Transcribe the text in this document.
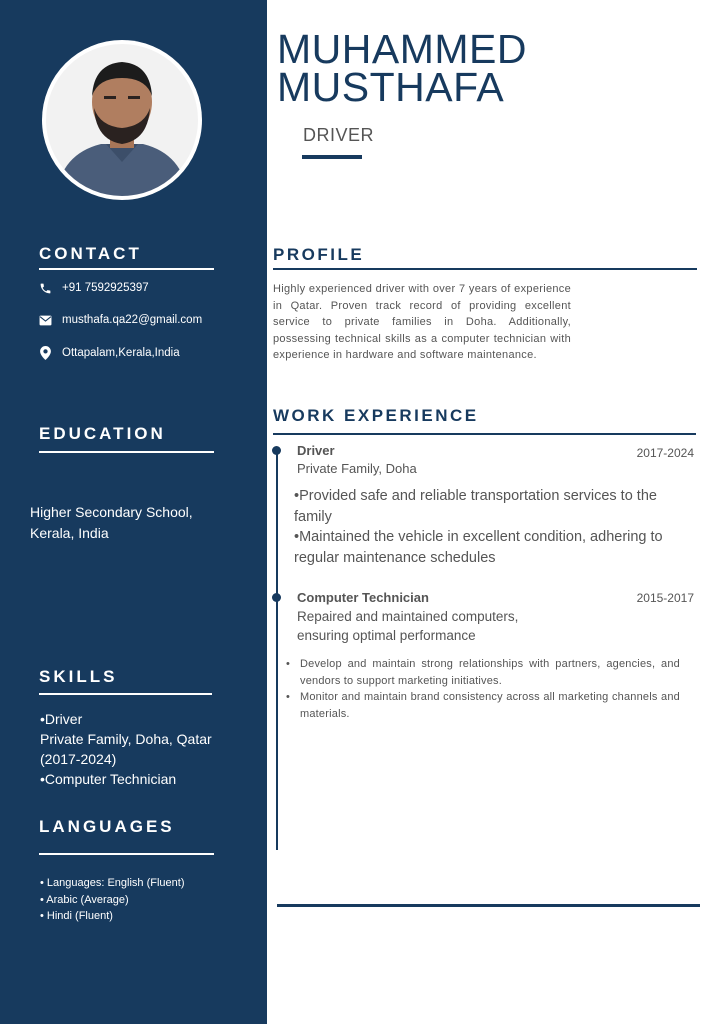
CONTACT
+91 7592925397
musthafa.qa22@gmail.com
Ottapalam,Kerala,India
EDUCATION
Higher Secondary School,
Kerala, India
SKILLS
•Driver
Private Family, Doha, Qatar
(2017-2024)
•Computer Technician
LANGUAGES
• Languages: English (Fluent)
• Arabic (Average)
• Hindi (Fluent)
MUHAMMED
MUSTHAFA
DRIVER
PROFILE
Highly experienced driver with over 7 years of experience in Qatar. Proven track record of providing excellent service to private families in Doha. Additionally, possessing technical skills as a computer technician with experience in hardware and software maintenance.
WORK EXPERIENCE
Driver	2017-2024
Private Family, Doha
•Provided safe and reliable transportation services to the family
•Maintained the vehicle in excellent condition, adhering to regular maintenance schedules
Computer Technician	2015-2017
Repaired and maintained computers,
ensuring optimal performance
• Develop and maintain strong relationships with partners, agencies, and vendors to support marketing initiatives.
• Monitor and maintain brand consistency across all marketing channels and materials.
